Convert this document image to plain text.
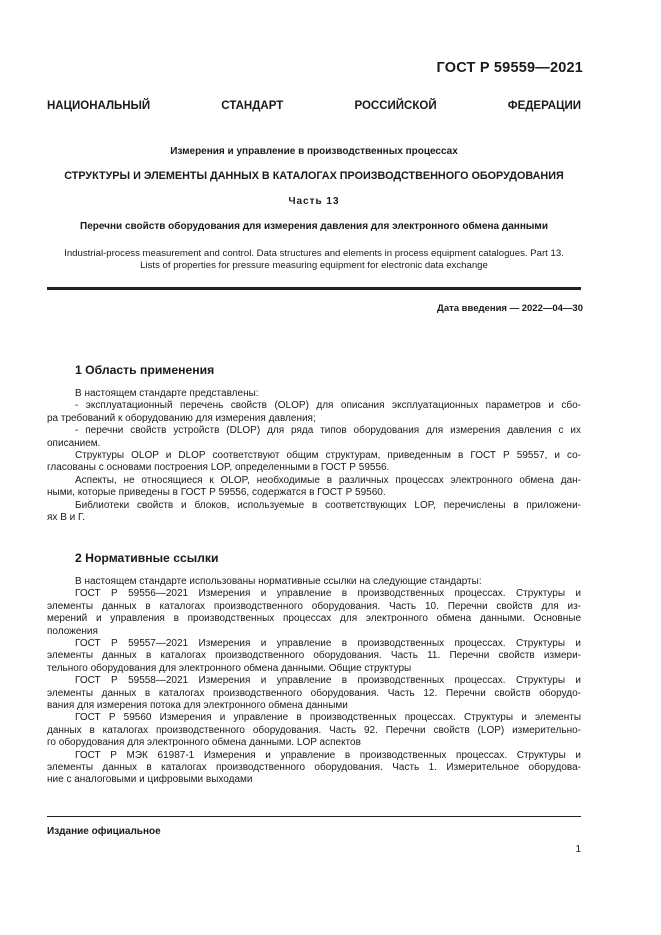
ГОСТ Р 59559—2021
НАЦИОНАЛЬНЫЙ СТАНДАРТ РОССИЙСКОЙ ФЕДЕРАЦИИ
Измерения и управление в производственных процессах
СТРУКТУРЫ И ЭЛЕМЕНТЫ ДАННЫХ В КАТАЛОГАХ ПРОИЗВОДСТВЕННОГО ОБОРУДОВАНИЯ
Часть 13
Перечни свойств оборудования для измерения давления для электронного обмена данными
Industrial-process measurement and control. Data structures and elements in process equipment catalogues. Part 13.
Lists of properties for pressure measuring equipment for electronic data exchange
Дата введения — 2022—04—30
1 Область применения
В настоящем стандарте представлены:
- эксплуатационный перечень свойств (OLOP) для описания эксплуатационных параметров и сбо-
ра требований к оборудованию для измерения давления;
- перечни свойств устройств (DLOP) для ряда типов оборудования для измерения давления с их
описанием.
Структуры OLOP и DLOP соответствуют общим структурам, приведенным в ГОСТ Р 59557, и со-
гласованы с основами построения LOP, определенными в ГОСТ Р 59556.
Аспекты, не относящиеся к OLOP, необходимые в различных процессах электронного обмена дан-
ными, которые приведены в ГОСТ Р 59556, содержатся в ГОСТ Р 59560.
Библиотеки свойств и блоков, используемые в соответствующих LOP, перечислены в приложени-
ях В и Г.
2 Нормативные ссылки
В настоящем стандарте использованы нормативные ссылки на следующие стандарты:
ГОСТ Р 59556—2021 Измерения и управление в производственных процессах. Структуры и
элементы данных в каталогах производственного оборудования. Часть 10. Перечни свойств для из-
мерений и управления в производственных процессах для электронного обмена данными. Основные
положения
ГОСТ Р 59557—2021 Измерения и управление в производственных процессах. Структуры и
элементы данных в каталогах производственного оборудования. Часть 11. Перечни свойств измери-
тельного оборудования для электронного обмена данными. Общие структуры
ГОСТ Р 59558—2021 Измерения и управление в производственных процессах. Структуры и
элементы данных в каталогах производственного оборудования. Часть 12. Перечни свойств оборудо-
вания для измерения потока для электронного обмена данными
ГОСТ Р 59560 Измерения и управление в производственных процессах. Структуры и элементы
данных в каталогах производственного оборудования. Часть 92. Перечни свойств (LOP) измерительно-
го оборудования для электронного обмена данными. LOP аспектов
ГОСТ Р МЭК 61987-1 Измерения и управление в производственных процессах. Структуры и
элементы данных в каталогах производственного оборудования. Часть 1. Измерительное оборудова-
ние с аналоговыми и цифровыми выходами
Издание официальное
1
